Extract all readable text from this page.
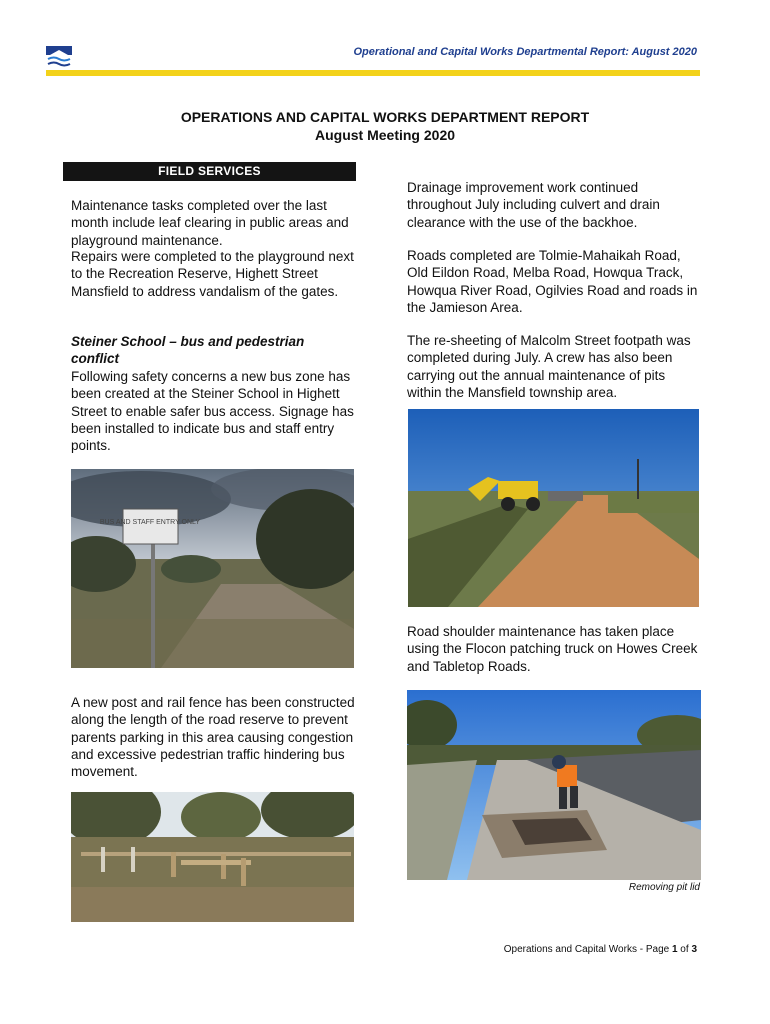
Operational and Capital Works Departmental Report: August 2020
OPERATIONS AND CAPITAL WORKS DEPARTMENT REPORT
August Meeting 2020
FIELD SERVICES

Maintenance tasks completed over the last month include leaf clearing in public areas and playground maintenance.

Repairs were completed to the playground next to the Recreation Reserve, Highett Street Mansfield to address vandalism of the gates.

Steiner School – bus and pedestrian conflict

Following safety concerns a new bus zone has been created at the Steiner School in Highett Street to enable safer bus access. Signage has been installed to indicate bus and staff entry points.

BUS AND STAFF ENTRY ONLY

A new post and rail fence has been constructed along the length of the road reserve to prevent parents parking in this area causing congestion and excessive pedestrian traffic hindering bus movement.

Drainage improvement work continued throughout July including culvert and drain clearance with the use of the backhoe.

Roads completed are Tolmie-Mahaikah Road, Old Eildon Road, Melba Road, Howqua Track, Howqua River Road, Ogilvies Road and roads in the Jamieson Area.

The re-sheeting of Malcolm Street footpath was completed during July. A crew has also been carrying out the annual maintenance of pits within the Mansfield township area.

Road shoulder maintenance has taken place using the Flocon patching truck on Howes Creek and Tabletop Roads.

Removing pit lid
Operations and Capital Works - Page 1 of 3
